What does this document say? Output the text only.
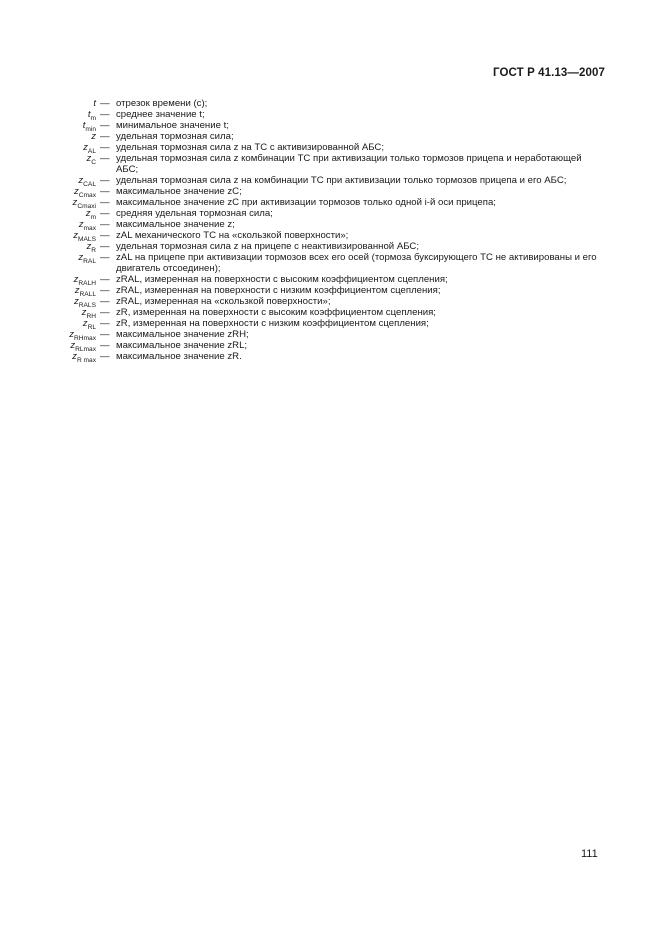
ГОСТ Р 41.13—2007
t — отрезок времени (с);
$t_m$ — среднее значение t;
$t_{min}$ — минимальное значение t;
z — удельная тормозная сила;
$z_{AL}$ — удельная тормозная сила z на ТС с активизированной АБС;
$z_C$ — удельная тормозная сила z комбинации ТС при активизации только тормозов прицепа и неработающей АБС;
$z_{CAL}$ — удельная тормозная сила z на комбинации ТС при активизации только тормозов прицепа и его АБС;
$z_{Cmax}$ — максимальное значение zC;
$z_{Cmaxi}$ — максимальное значение zC при активизации тормозов только одной i-й оси прицепа;
$z_m$ — средняя удельная тормозная сила;
$z_{max}$ — максимальное значение z;
$z_{MALS}$ — zAL механического ТС на «скользкой поверхности»;
$z_R$ — удельная тормозная сила z на прицепе с неактивизированной АБС;
$z_{RAL}$ — zAL на прицепе при активизации тормозов всех его осей (тормоза буксирующего ТС не активированы и его двигатель отсоединен);
$z_{RALH}$ — zRAL, измеренная на поверхности с высоким коэффициентом сцепления;
$z_{RALL}$ — zRAL, измеренная на поверхности с низким коэффициентом сцепления;
$z_{RALS}$ — zRAL, измеренная на «скользкой поверхности»;
$z_{RH}$ — zR, измеренная на поверхности с высоким коэффициентом сцепления;
$z_{RL}$ — zR, измеренная на поверхности с низким коэффициентом сцепления;
$z_{RHmax}$ — максимальное значение zRH;
$z_{RLmax}$ — максимальное значение zRL;
$z_{R max}$ — максимальное значение zR.
111
